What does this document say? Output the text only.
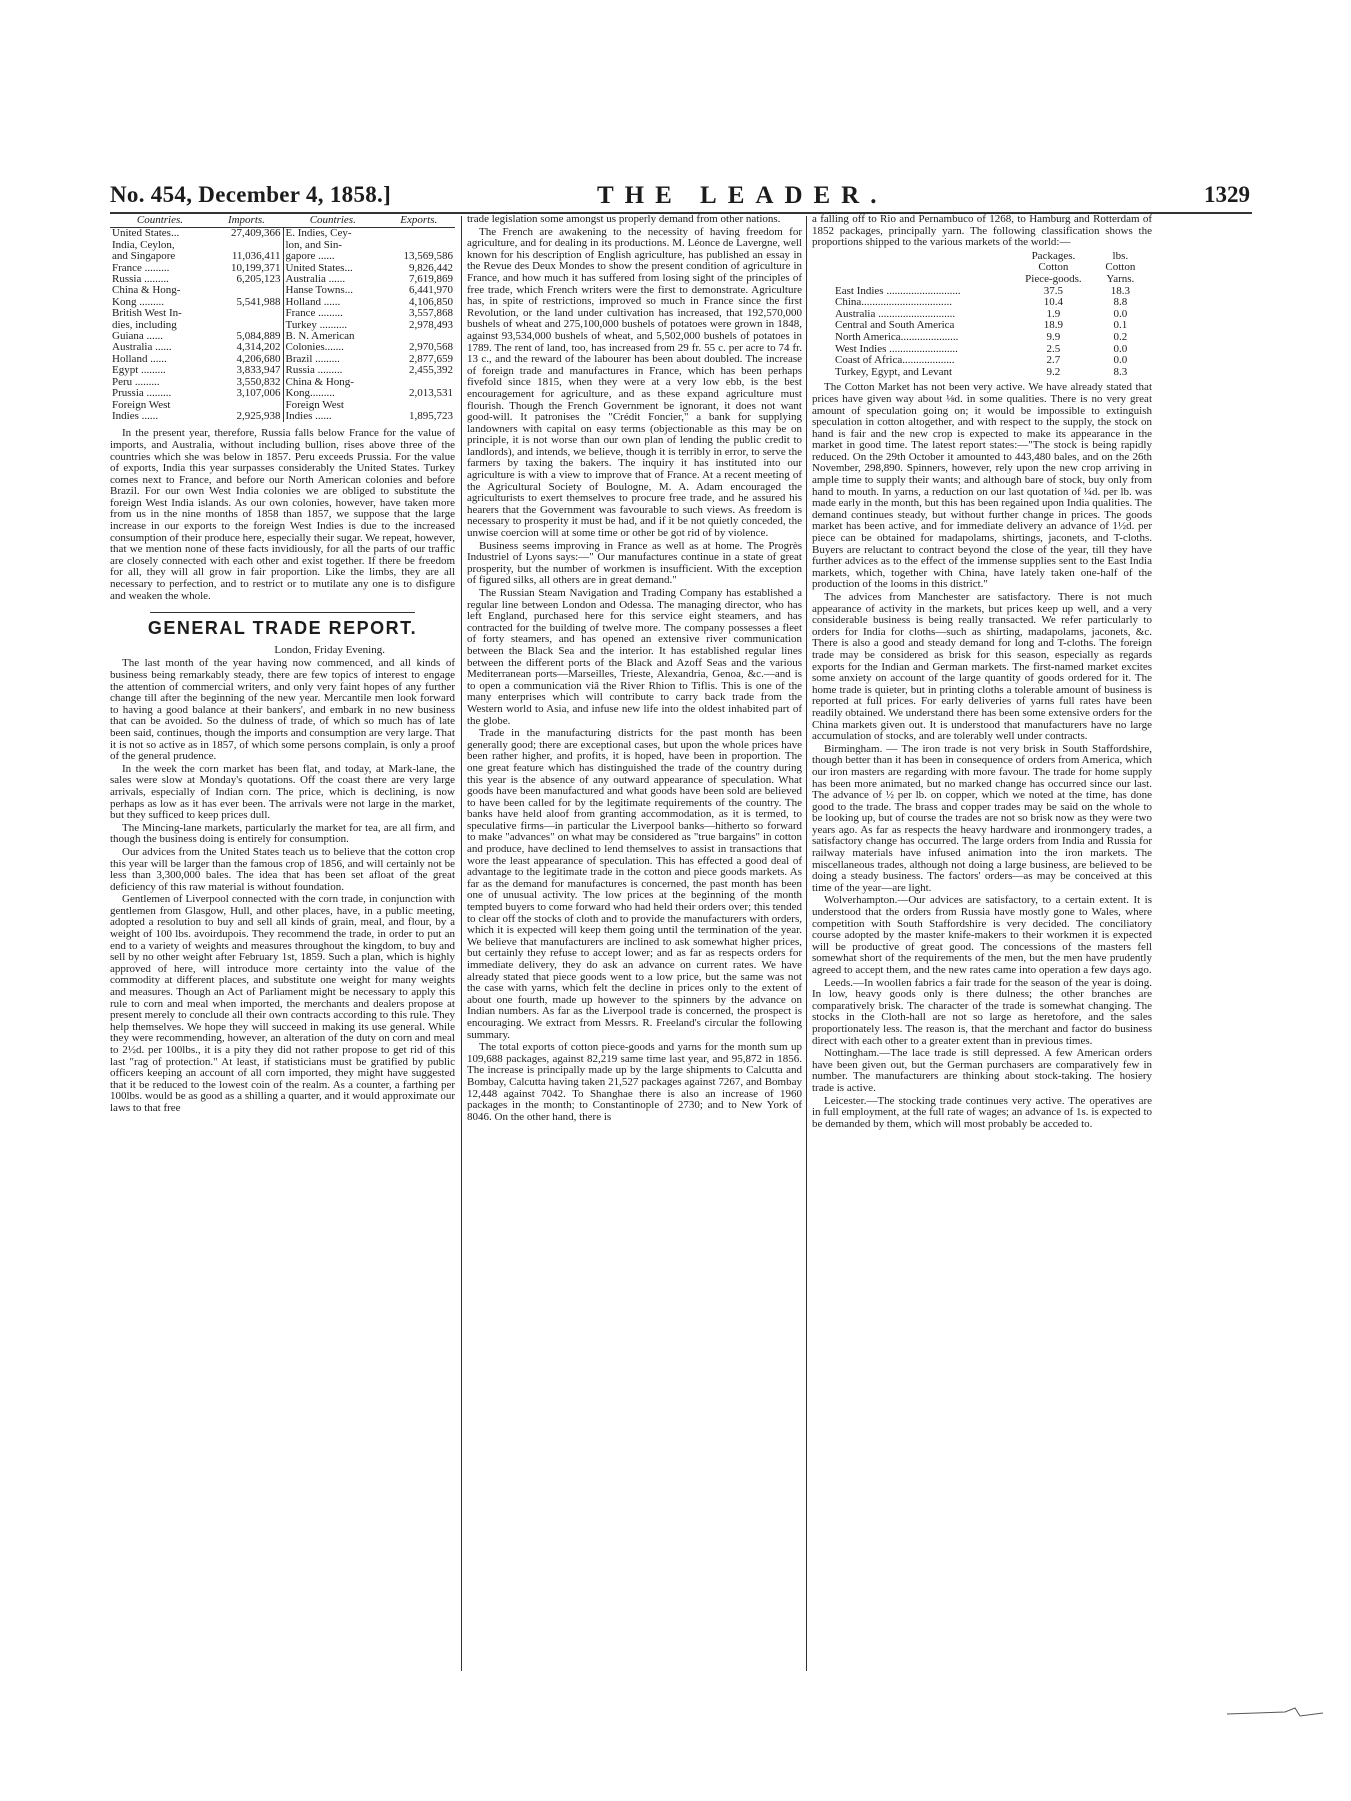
No. 454, December 4, 1858.]	THE LEADER.	1329
Countries.	Imports.	Countries.	Exports.
United States...	27,409,366	E. Indies, Cey-	
India, Ceylon,		lon, and Sin-	
and Singapore	11,036,411	gapore ......	13,569,586
France .........	10,199,371	United States...	9,826,442
Russia .........	6,205,123	Australia ......	7,619,869
China & Hong-		Hanse Towns...	6,441,970
Kong .........	5,541,988	Holland ......	4,106,850
British West In-		France .........	3,557,868
dies, including		Turkey ..........	2,978,493
Guiana ......	5,084,889	B. N. American	
Australia ......	4,314,202	Colonies.......	2,970,568
Holland ......	4,206,680	Brazil .........	2,877,659
Egypt .........	3,833,947	Russia .........	2,455,392
Peru .........	3,550,832	China & Hong-	
Prussia .........	3,107,006	Kong.........	2,013,531
Foreign West		Foreign West	
Indies ......	2,925,938	Indies ......	1,895,723

In the present year, therefore, Russia falls below France for the value of imports, and Australia, without including bullion, rises above three of the countries which she was below in 1857. Peru exceeds Prussia. For the value of exports, India this year surpasses considerably the United States. Turkey comes next to France, and before our North American colonies and before Brazil. For our own West India colonies we are obliged to substitute the foreign West India islands. As our own colonies, however, have taken more from us in the nine months of 1858 than 1857, we suppose that the large increase in our exports to the foreign West Indies is due to the increased consumption of their produce here, especially their sugar. We repeat, however, that we mention none of these facts invidiously, for all the parts of our traffic are closely connected with each other and exist together. If there be freedom for all, they will all grow in fair proportion. Like the limbs, they are all necessary to perfection, and to restrict or to mutilate any one is to disfigure and weaken the whole.

GENERAL TRADE REPORT.
London, Friday Evening.

The last month of the year having now commenced, and all kinds of business being remarkably steady, there are few topics of interest to engage the attention of commercial writers, and only very faint hopes of any further change till after the beginning of the new year. Mercantile men look forward to having a good balance at their bankers', and embark in no new business that can be avoided. So the dulness of trade, of which so much has of late been said, continues, though the imports and consumption are very large. That it is not so active as in 1857, of which some persons complain, is only a proof of the general prudence.

In the week the corn market has been flat, and today, at Mark-lane, the sales were slow at Monday's quotations. Off the coast there are very large arrivals, especially of Indian corn. The price, which is declining, is now perhaps as low as it has ever been. The arrivals were not large in the market, but they sufficed to keep prices dull.

The Mincing-lane markets, particularly the market for tea, are all firm, and though the business doing is entirely for consumption.

Our advices from the United States teach us to believe that the cotton crop this year will be larger than the famous crop of 1856, and will certainly not be less than 3,300,000 bales. The idea that has been set afloat of the great deficiency of this raw material is without foundation.

Gentlemen of Liverpool connected with the corn trade, in conjunction with gentlemen from Glasgow, Hull, and other places, have, in a public meeting, adopted a resolution to buy and sell all kinds of grain, meal, and flour, by a weight of 100 lbs. avoirdupois. They recommend the trade, in order to put an end to a variety of weights and measures throughout the kingdom, to buy and sell by no other weight after February 1st, 1859. Such a plan, which is highly approved of here, will introduce more certainty into the value of the commodity at different places, and substitute one weight for many weights and measures. Though an Act of Parliament might be necessary to apply this rule to corn and meal when imported, the merchants and dealers propose at present merely to conclude all their own contracts according to this rule. They help themselves. We hope they will succeed in making its use general. While they were recommending, however, an alteration of the duty on corn and meal to 2½d. per 100lbs., it is a pity they did not rather propose to get rid of this last "rag of protection." At least, if statisticians must be gratified by public officers keeping an account of all corn imported, they might have suggested that it be reduced to the lowest coin of the realm. As a counter, a farthing per 100lbs. would be as good as a shilling a quarter, and it would approximate our laws to that free

trade legislation some amongst us properly demand from other nations.

The French are awakening to the necessity of having freedom for agriculture, and for dealing in its productions. M. Léonce de Lavergne, well known for his description of English agriculture, has published an essay in the Revue des Deux Mondes to show the present condition of agriculture in France, and how much it has suffered from losing sight of the principles of free trade, which French writers were the first to demonstrate. Agriculture has, in spite of restrictions, improved so much in France since the first Revolution, or the land under cultivation has increased, that 192,570,000 bushels of wheat and 275,100,000 bushels of potatoes were grown in 1848, against 93,534,000 bushels of wheat, and 5,502,000 bushels of potatoes in 1789. The rent of land, too, has increased from 29 fr. 55 c. per acre to 74 fr. 13 c., and the reward of the labourer has been about doubled. The increase of foreign trade and manufactures in France, which has been perhaps fivefold since 1815, when they were at a very low ebb, is the best encouragement for agriculture, and as these expand agriculture must flourish. Though the French Government be ignorant, it does not want good-will. It patronises the "Crédit Foncier," a bank for supplying landowners with capital on easy terms (objectionable as this may be on principle, it is not worse than our own plan of lending the public credit to landlords), and intends, we believe, though it is terribly in error, to serve the farmers by taxing the bakers. The inquiry it has instituted into our agriculture is with a view to improve that of France. At a recent meeting of the Agricultural Society of Boulogne, M. A. Adam encouraged the agriculturists to exert themselves to procure free trade, and he assured his hearers that the Government was favourable to such views. As freedom is necessary to prosperity it must be had, and if it be not quietly conceded, the unwise coercion will at some time or other be got rid of by violence.

Business seems improving in France as well as at home. The Progrès Industriel of Lyons says:—" Our manufactures continue in a state of great prosperity, but the number of workmen is insufficient. With the exception of figured silks, all others are in great demand."

The Russian Steam Navigation and Trading Company has established a regular line between London and Odessa. The managing director, who has left England, purchased here for this service eight steamers, and has contracted for the building of twelve more. The company possesses a fleet of forty steamers, and has opened an extensive river communication between the Black Sea and the interior. It has established regular lines between the different ports of the Black and Azoff Seas and the various Mediterranean ports—Marseilles, Trieste, Alexandria, Genoa, &c.—and is to open a communication viâ the River Rhion to Tiflis. This is one of the many enterprises which will contribute to carry back trade from the Western world to Asia, and infuse new life into the oldest inhabited part of the globe.

Trade in the manufacturing districts for the past month has been generally good; there are exceptional cases, but upon the whole prices have been rather higher, and profits, it is hoped, have been in proportion. The one great feature which has distinguished the trade of the country during this year is the absence of any outward appearance of speculation. What goods have been manufactured and what goods have been sold are believed to have been called for by the legitimate requirements of the country. The banks have held aloof from granting accommodation, as it is termed, to speculative firms—in particular the Liverpool banks—hitherto so forward to make "advances" on what may be considered as "true bargains" in cotton and produce, have declined to lend themselves to assist in transactions that wore the least appearance of speculation. This has effected a good deal of advantage to the legitimate trade in the cotton and piece goods markets. As far as the demand for manufactures is concerned, the past month has been one of unusual activity. The low prices at the beginning of the month tempted buyers to come forward who had held their orders over; this tended to clear off the stocks of cloth and to provide the manufacturers with orders, which it is expected will keep them going until the termination of the year. We believe that manufacturers are inclined to ask somewhat higher prices, but certainly they refuse to accept lower; and as far as respects orders for immediate delivery, they do ask an advance on current rates. We have already stated that piece goods went to a low price, but the same was not the case with yarns, which felt the decline in prices only to the extent of about one fourth, made up however to the spinners by the advance on Indian numbers. As far as the Liverpool trade is concerned, the prospect is encouraging. We extract from Messrs. R. Freeland's circular the following summary.

The total exports of cotton piece-goods and yarns for the month sum up 109,688 packages, against 82,219 same time last year, and 95,872 in 1856. The increase is principally made up by the large shipments to Calcutta and Bombay, Calcutta having taken 21,527 packages against 7267, and Bombay 12,448 against 7042. To Shanghae there is also an increase of 1960 packages in the month; to Constantinople of 2730; and to New York of 8046. On the other hand, there is

a falling off to Rio and Pernambuco of 1268, to Hamburg and Rotterdam of 1852 packages, principally yarn. The following classification shows the proportions shipped to the various markets of the world:—

	Packages.	lbs.
	Cotton	Cotton
	Piece-goods.	Yarns.
East Indies ...........................	37.5	18.3
China.................................	10.4	8.8
Australia ............................	1.9	0.0
Central and South America	18.9	0.1
North America.....................	9.9	0.2
West Indies .........................	2.5	0.0
Coast of Africa...................	2.7	0.0
Turkey, Egypt, and Levant	9.2	8.3

The Cotton Market has not been very active. We have already stated that prices have given way about ⅛d. in some qualities. There is no very great amount of speculation going on; it would be impossible to extinguish speculation in cotton altogether, and with respect to the supply, the stock on hand is fair and the new crop is expected to make its appearance in the market in good time. The latest report states:—"The stock is being rapidly reduced. On the 29th October it amounted to 443,480 bales, and on the 26th November, 298,890. Spinners, however, rely upon the new crop arriving in ample time to supply their wants; and although bare of stock, buy only from hand to mouth. In yarns, a reduction on our last quotation of ¼d. per lb. was made early in the month, but this has been regained upon India qualities. The demand continues steady, but without further change in prices. The goods market has been active, and for immediate delivery an advance of 1½d. per piece can be obtained for madapolams, shirtings, jaconets, and T-cloths. Buyers are reluctant to contract beyond the close of the year, till they have further advices as to the effect of the immense supplies sent to the East India markets, which, together with China, have lately taken one-half of the production of the looms in this district."

The advices from Manchester are satisfactory. There is not much appearance of activity in the markets, but prices keep up well, and a very considerable business is being really transacted. We refer particularly to orders for India for cloths—such as shirting, madapolams, jaconets, &c. There is also a good and steady demand for long and T-cloths. The foreign trade may be considered as brisk for this season, especially as regards exports for the Indian and German markets. The first-named market excites some anxiety on account of the large quantity of goods ordered for it. The home trade is quieter, but in printing cloths a tolerable amount of business is reported at full prices. For early deliveries of yarns full rates have been readily obtained. We understand there has been some extensive orders for the China markets given out. It is understood that manufacturers have no large accumulation of stocks, and are tolerably well under contracts.

Birmingham. — The iron trade is not very brisk in South Staffordshire, though better than it has been in consequence of orders from America, which our iron masters are regarding with more favour. The trade for home supply has been more animated, but no marked change has occurred since our last. The advance of ½ per lb. on copper, which we noted at the time, has done good to the trade. The brass and copper trades may be said on the whole to be looking up, but of course the trades are not so brisk now as they were two years ago. As far as respects the heavy hardware and ironmongery trades, a satisfactory change has occurred. The large orders from India and Russia for railway materials have infused animation into the iron markets. The miscellaneous trades, although not doing a large business, are believed to be doing a steady business. The factors' orders—as may be conceived at this time of the year—are light.

Wolverhampton.—Our advices are satisfactory, to a certain extent. It is understood that the orders from Russia have mostly gone to Wales, where competition with South Staffordshire is very decided. The conciliatory course adopted by the master knife-makers to their workmen it is expected will be productive of great good. The concessions of the masters fell somewhat short of the requirements of the men, but the men have prudently agreed to accept them, and the new rates came into operation a few days ago.

Leeds.—In woollen fabrics a fair trade for the season of the year is doing. In low, heavy goods only is there dulness; the other branches are comparatively brisk. The character of the trade is somewhat changing. The stocks in the Cloth-hall are not so large as heretofore, and the sales proportionately less. The reason is, that the merchant and factor do business direct with each other to a greater extent than in previous times.

Nottingham.—The lace trade is still depressed. A few American orders have been given out, but the German purchasers are comparatively few in number. The manufacturers are thinking about stock-taking. The hosiery trade is active.

Leicester.—The stocking trade continues very active. The operatives are in full employment, at the full rate of wages; an advance of 1s. is expected to be demanded by them, which will most probably be acceded to.
